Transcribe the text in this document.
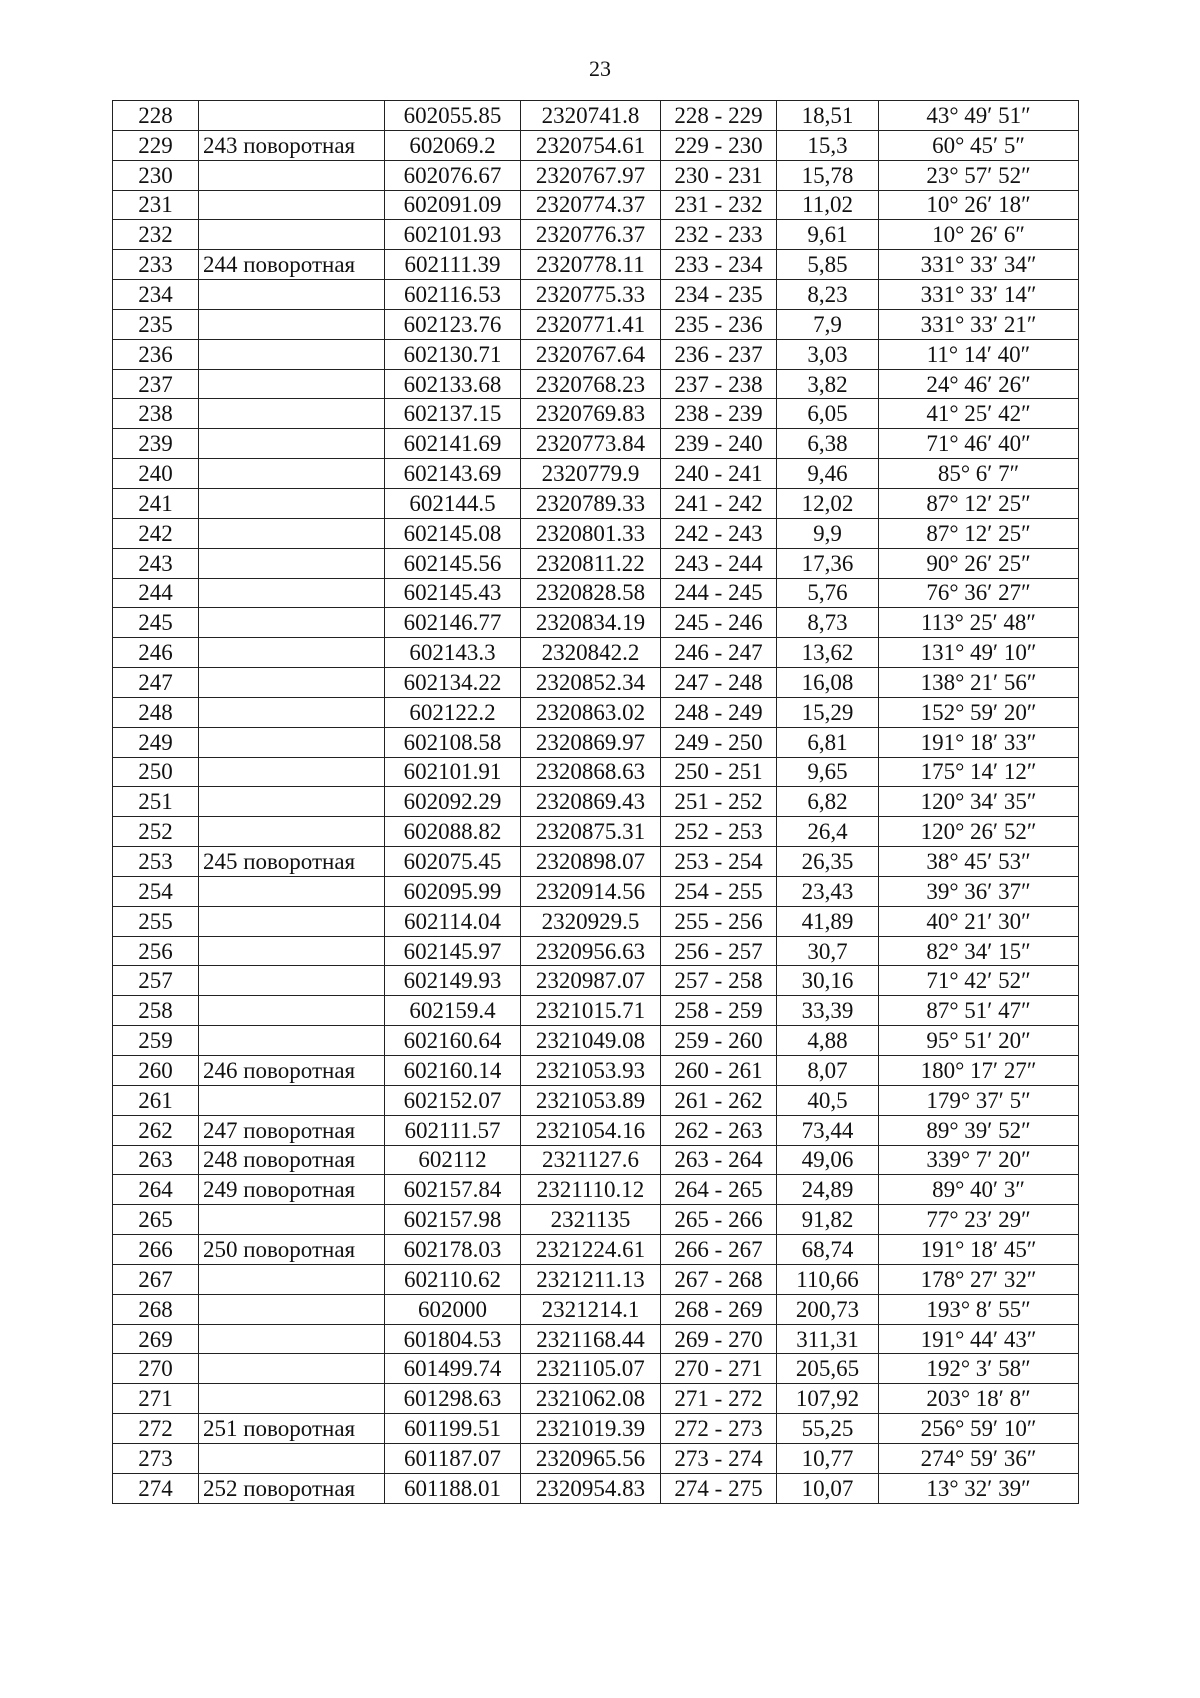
23
228		602055.85	2320741.8	228 - 229	18,51	43° 49′ 51″
229	243 поворотная	602069.2	2320754.61	229 - 230	15,3	60° 45′ 5″
230		602076.67	2320767.97	230 - 231	15,78	23° 57′ 52″
231		602091.09	2320774.37	231 - 232	11,02	10° 26′ 18″
232		602101.93	2320776.37	232 - 233	9,61	10° 26′ 6″
233	244 поворотная	602111.39	2320778.11	233 - 234	5,85	331° 33′ 34″
234		602116.53	2320775.33	234 - 235	8,23	331° 33′ 14″
235		602123.76	2320771.41	235 - 236	7,9	331° 33′ 21″
236		602130.71	2320767.64	236 - 237	3,03	11° 14′ 40″
237		602133.68	2320768.23	237 - 238	3,82	24° 46′ 26″
238		602137.15	2320769.83	238 - 239	6,05	41° 25′ 42″
239		602141.69	2320773.84	239 - 240	6,38	71° 46′ 40″
240		602143.69	2320779.9	240 - 241	9,46	85° 6′ 7″
241		602144.5	2320789.33	241 - 242	12,02	87° 12′ 25″
242		602145.08	2320801.33	242 - 243	9,9	87° 12′ 25″
243		602145.56	2320811.22	243 - 244	17,36	90° 26′ 25″
244		602145.43	2320828.58	244 - 245	5,76	76° 36′ 27″
245		602146.77	2320834.19	245 - 246	8,73	113° 25′ 48″
246		602143.3	2320842.2	246 - 247	13,62	131° 49′ 10″
247		602134.22	2320852.34	247 - 248	16,08	138° 21′ 56″
248		602122.2	2320863.02	248 - 249	15,29	152° 59′ 20″
249		602108.58	2320869.97	249 - 250	6,81	191° 18′ 33″
250		602101.91	2320868.63	250 - 251	9,65	175° 14′ 12″
251		602092.29	2320869.43	251 - 252	6,82	120° 34′ 35″
252		602088.82	2320875.31	252 - 253	26,4	120° 26′ 52″
253	245 поворотная	602075.45	2320898.07	253 - 254	26,35	38° 45′ 53″
254		602095.99	2320914.56	254 - 255	23,43	39° 36′ 37″
255		602114.04	2320929.5	255 - 256	41,89	40° 21′ 30″
256		602145.97	2320956.63	256 - 257	30,7	82° 34′ 15″
257		602149.93	2320987.07	257 - 258	30,16	71° 42′ 52″
258		602159.4	2321015.71	258 - 259	33,39	87° 51′ 47″
259		602160.64	2321049.08	259 - 260	4,88	95° 51′ 20″
260	246 поворотная	602160.14	2321053.93	260 - 261	8,07	180° 17′ 27″
261		602152.07	2321053.89	261 - 262	40,5	179° 37′ 5″
262	247 поворотная	602111.57	2321054.16	262 - 263	73,44	89° 39′ 52″
263	248 поворотная	602112	2321127.6	263 - 264	49,06	339° 7′ 20″
264	249 поворотная	602157.84	2321110.12	264 - 265	24,89	89° 40′ 3″
265		602157.98	2321135	265 - 266	91,82	77° 23′ 29″
266	250 поворотная	602178.03	2321224.61	266 - 267	68,74	191° 18′ 45″
267		602110.62	2321211.13	267 - 268	110,66	178° 27′ 32″
268		602000	2321214.1	268 - 269	200,73	193° 8′ 55″
269		601804.53	2321168.44	269 - 270	311,31	191° 44′ 43″
270		601499.74	2321105.07	270 - 271	205,65	192° 3′ 58″
271		601298.63	2321062.08	271 - 272	107,92	203° 18′ 8″
272	251 поворотная	601199.51	2321019.39	272 - 273	55,25	256° 59′ 10″
273		601187.07	2320965.56	273 - 274	10,77	274° 59′ 36″
274	252 поворотная	601188.01	2320954.83	274 - 275	10,07	13° 32′ 39″
